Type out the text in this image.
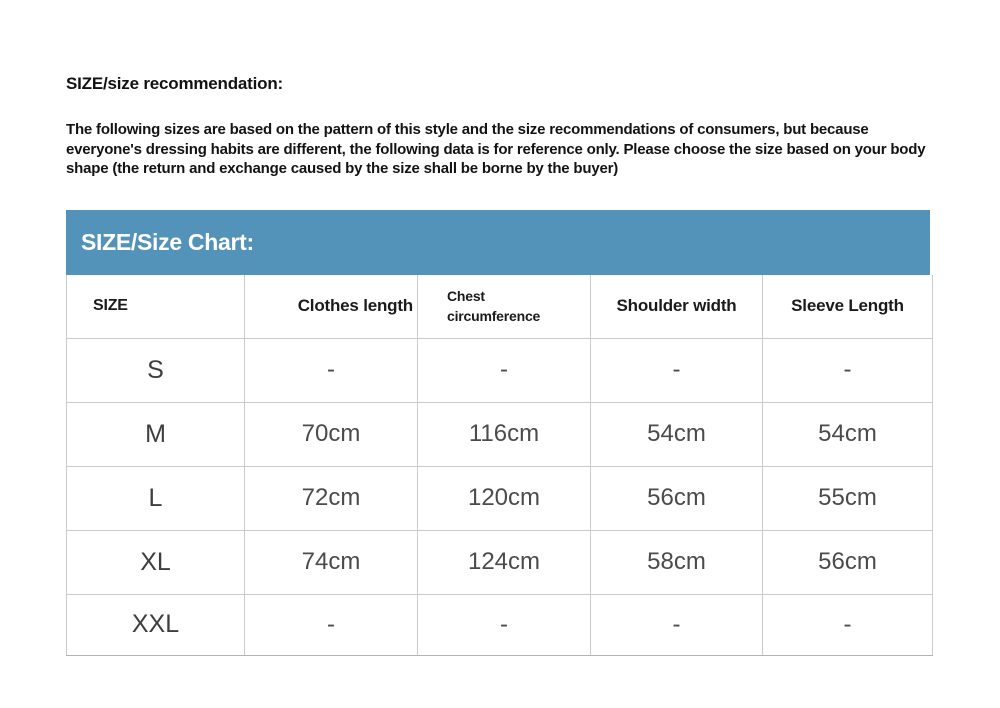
SIZE/size recommendation:

The following sizes are based on the pattern of this style and the size recommendations of consumers, but because everyone's dressing habits are different, the following data is for reference only. Please choose the size based on your body shape (the return and exchange caused by the size shall be borne by the buyer)

SIZE/Size Chart:
SIZE	Clothes length	Chest circumference	Shoulder width	Sleeve Length
S	-	-	-	-
M	70cm	116cm	54cm	54cm
L	72cm	120cm	56cm	55cm
XL	74cm	124cm	58cm	56cm
XXL	-	-	-	-
